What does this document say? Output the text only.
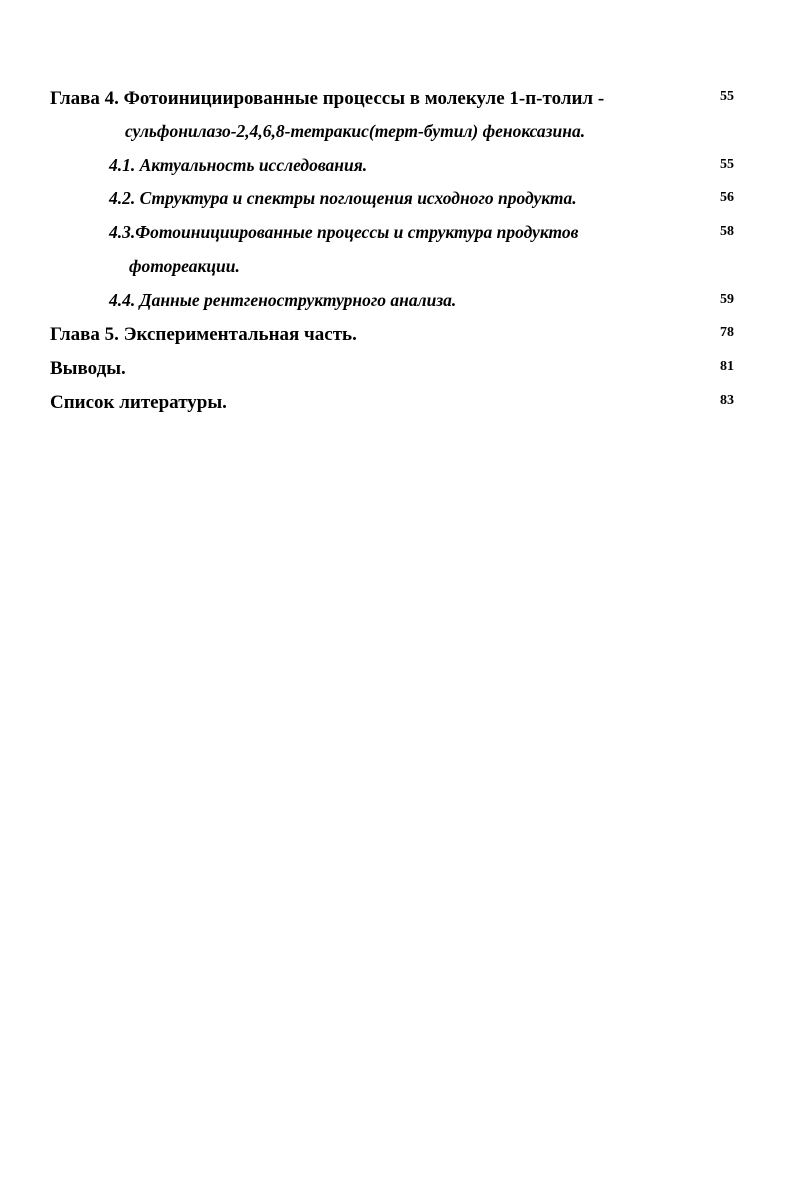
Глава 4. Фотоинициированные процессы в молекуле 1-п-толил -	55
сульфонилазо-2,4,6,8-тетракис(терт-бутил) феноксазина.
4.1. Актуальность исследования.	55
4.2. Структура и спектры поглощения исходного продукта.	56
4.3.Фотоинициированные процессы и структура продуктов	58
фотореакции.
4.4. Данные рентгеноструктурного анализа.	59
Глава 5. Экспериментальная часть.	78
Выводы.	81
Список литературы.	83
